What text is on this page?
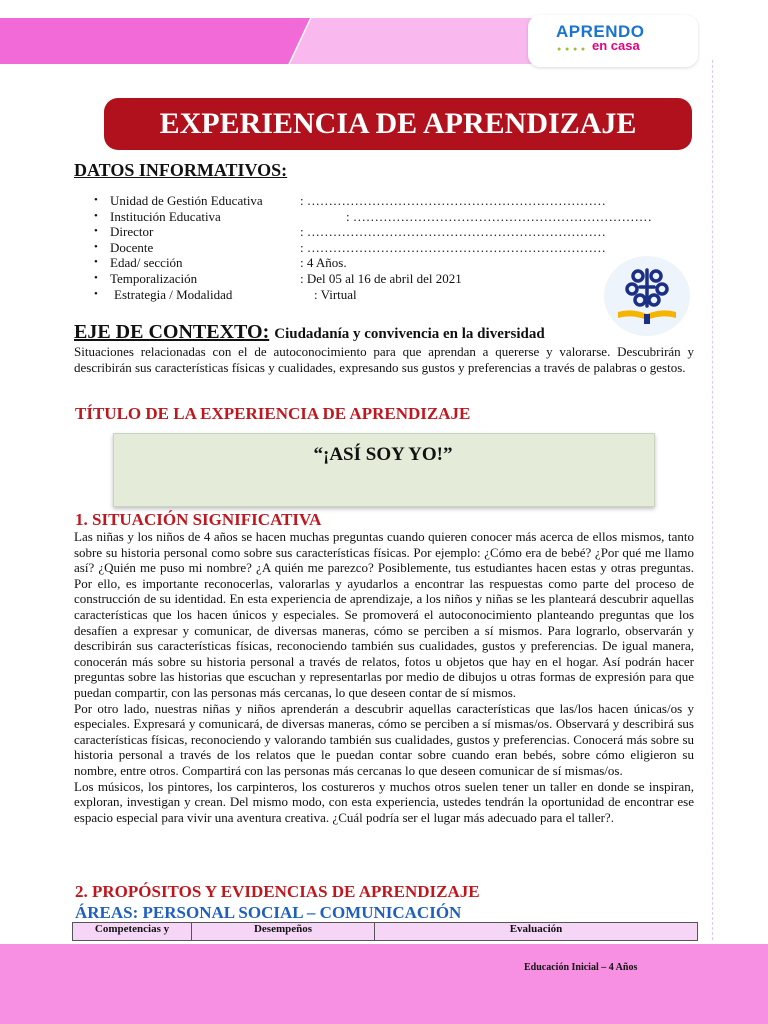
APRENDO
● ● ● ● en casa
EXPERIENCIA DE APRENDIZAJE
DATOS INFORMATIVOS:
• Unidad de Gestión Educativa	: ……………………………………………………………
• Institución Educativa	: ……………………………………………………………
• Director	: ……………………………………………………………
• Docente	: ……………………………………………………………
• Edad/ sección	: 4 Años.
• Temporalización	: Del 05 al 16 de abril del 2021
• Estrategia / Modalidad	: Virtual
EJE DE CONTEXTO: Ciudadanía y convivencia en la diversidad

Situaciones relacionadas con el de autoconocimiento para que aprendan a quererse y valorarse. Descubrirán y describirán sus características físicas y cualidades, expresando sus gustos y preferencias a través de palabras o gestos.

TÍTULO DE LA EXPERIENCIA DE APRENDIZAJE
“¡ASÍ SOY YO!”
1. SITUACIÓN SIGNIFICATIVA

Las niñas y los niños de 4 años se hacen muchas preguntas cuando quieren conocer más acerca de ellos mismos, tanto sobre su historia personal como sobre sus características físicas. Por ejemplo: ¿Cómo era de bebé? ¿Por qué me llamo así? ¿Quién me puso mi nombre? ¿A quién me parezco? Posiblemente, tus estudiantes hacen estas y otras preguntas. Por ello, es importante reconocerlas, valorarlas y ayudarlos a encontrar las respuestas como parte del proceso de construcción de su identidad. En esta experiencia de aprendizaje, a los niños y niñas se les planteará descubrir aquellas características que los hacen únicos y especiales. Se promoverá el autoconocimiento planteando preguntas que los desafíen a expresar y comunicar, de diversas maneras, cómo se perciben a sí mismos. Para lograrlo, observarán y describirán sus características físicas, reconociendo también sus cualidades, gustos y preferencias. De igual manera, conocerán más sobre su historia personal a través de relatos, fotos u objetos que hay en el hogar. Así podrán hacer preguntas sobre las historias que escuchan y representarlas por medio de dibujos u otras formas de expresión para que puedan compartir, con las personas más cercanas, lo que deseen contar de sí mismos.

Por otro lado, nuestras niñas y niños aprenderán a descubrir aquellas características que las/los hacen únicas/os y especiales. Expresará y comunicará, de diversas maneras, cómo se perciben a sí mismas/os. Observará y describirá sus características físicas, reconociendo y valorando también sus cualidades, gustos y preferencias. Conocerá más sobre su historia personal a través de los relatos que le puedan contar sobre cuando eran bebés, sobre cómo eligieron su nombre, entre otros. Compartirá con las personas más cercanas lo que deseen comunicar de sí mismas/os.

Los músicos, los pintores, los carpinteros, los costureros y muchos otros suelen tener un taller en donde se inspiran, exploran, investigan y crean. Del mismo modo, con esta experiencia, ustedes tendrán la oportunidad de encontrar ese espacio especial para vivir una aventura creativa. ¿Cuál podría ser el lugar más adecuado para el taller?.

2. PROPÓSITOS Y EVIDENCIAS DE APRENDIZAJE
ÁREAS: PERSONAL SOCIAL – COMUNICACIÓN
Competencias y	Desempeños	Evaluación
Educación Inicial – 4 Años
